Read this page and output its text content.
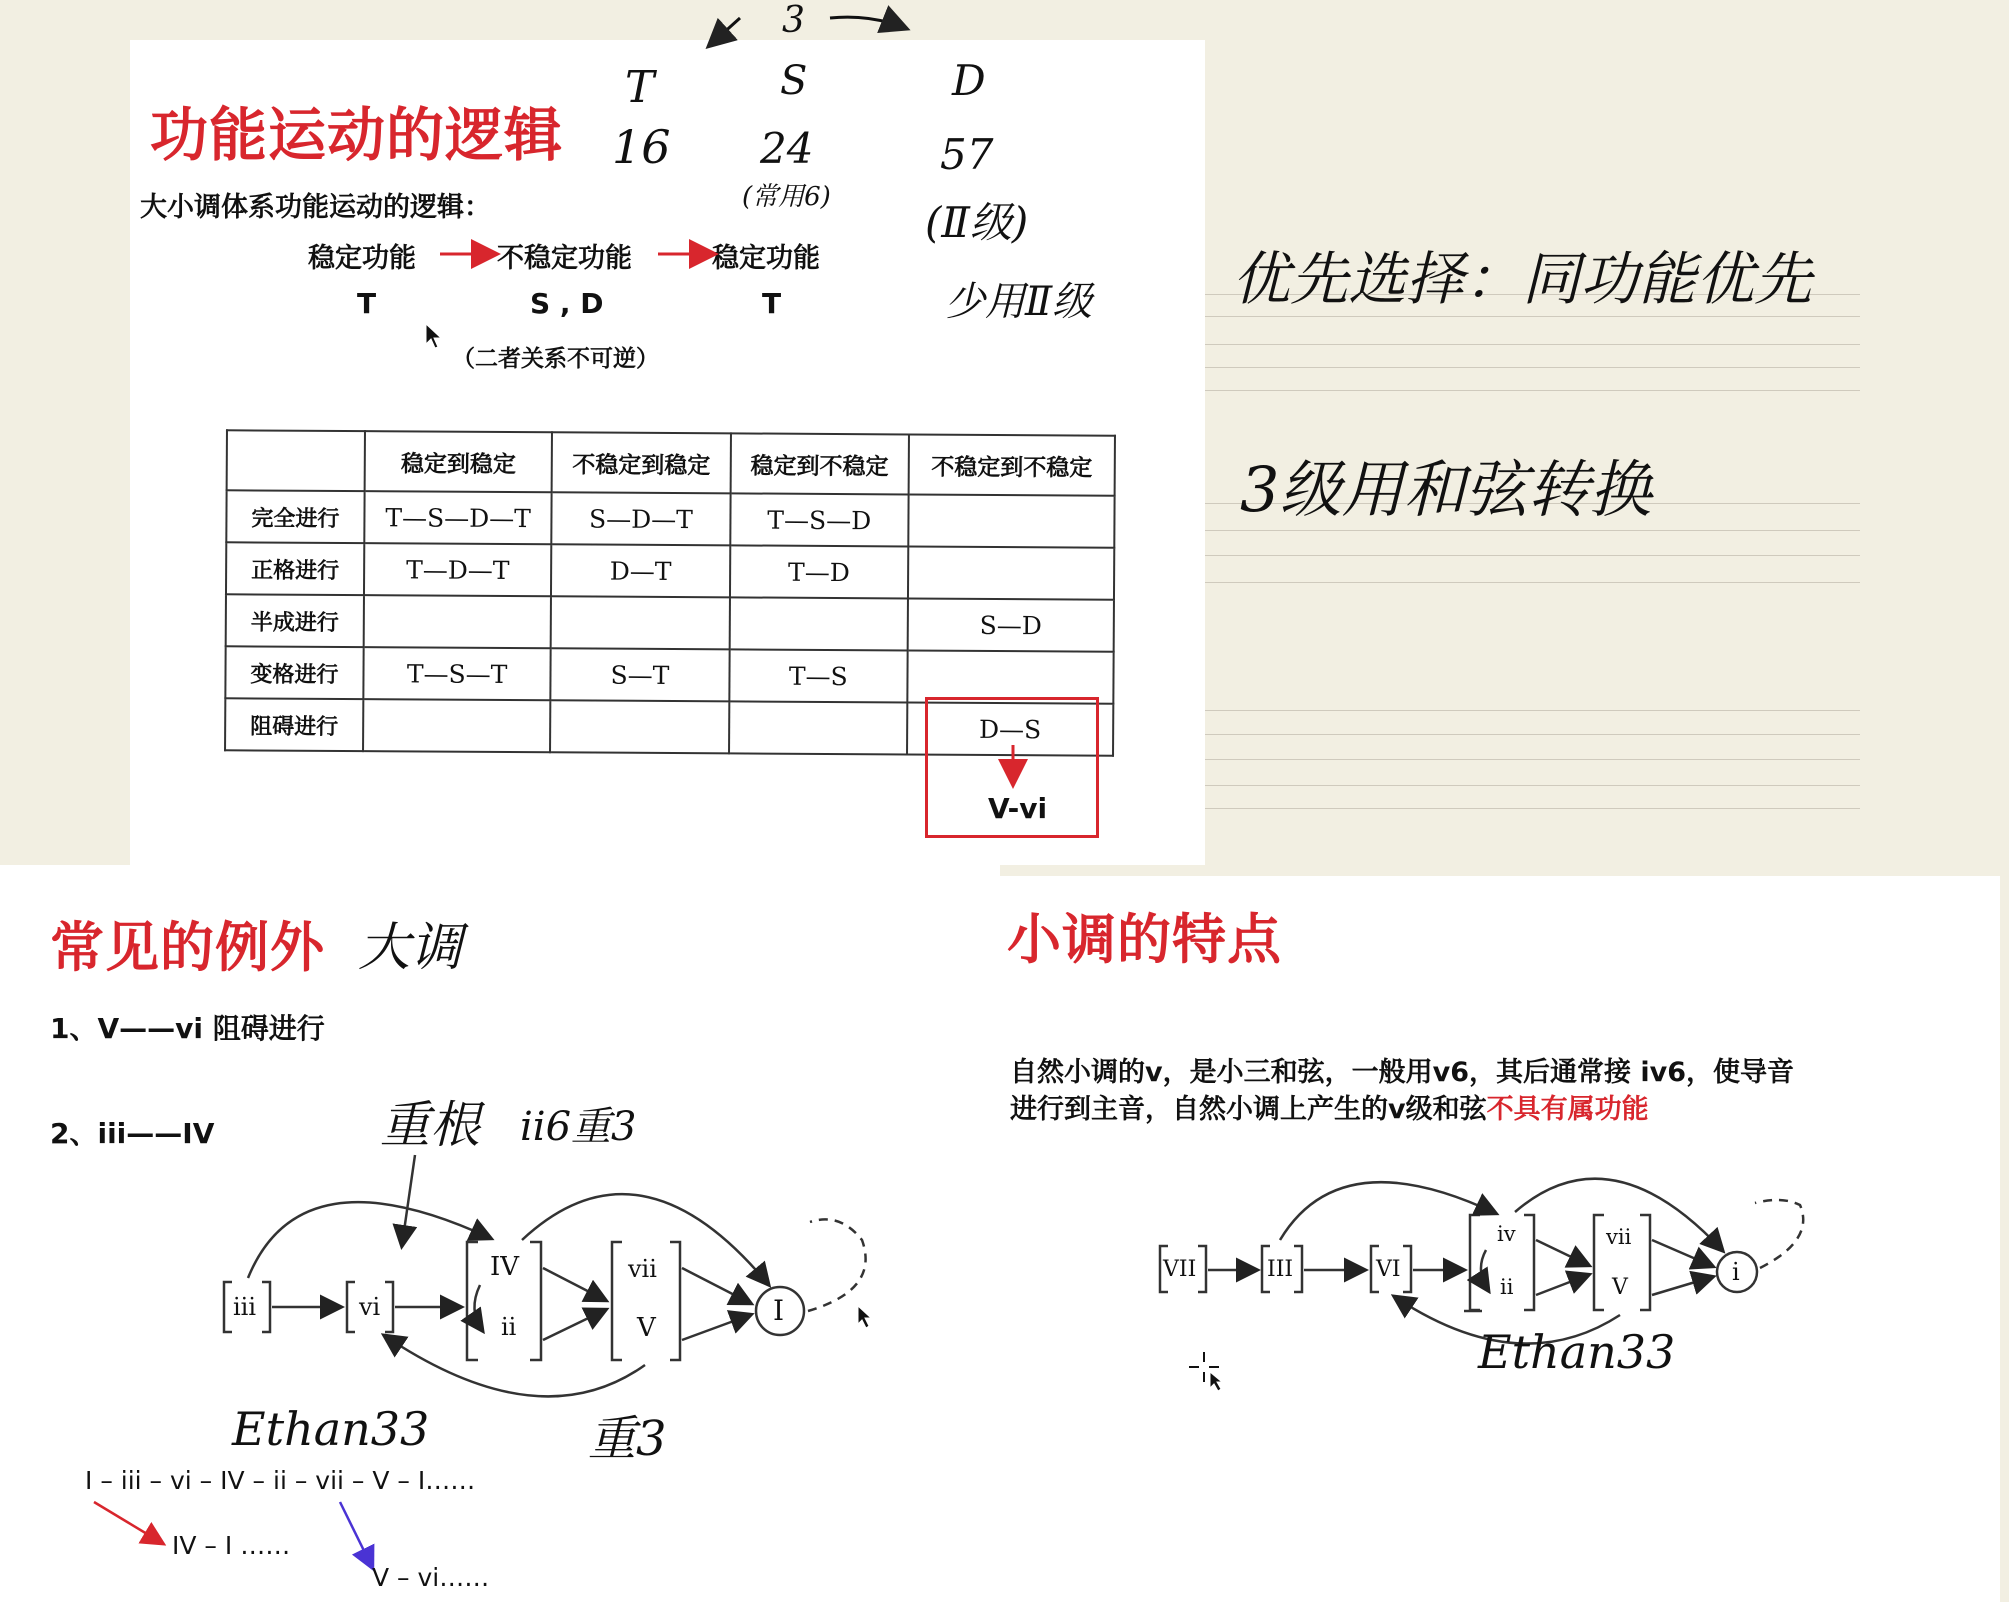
功能运动的逻辑
大小调体系功能运动的逻辑：
稳定功能	不稳定功能	稳定功能
T	S , D	T
（二者关系不可逆）
	稳定到稳定	不稳定到稳定	稳定到不稳定	不稳定到不稳定
完全进行	T—S—D—T	S—D—T	T—S—D	
正格进行	T—D—T	D—T	T—D	
半成进行				S—D
变格进行	T—S—T	S—T	T—S	
阻碍进行				D—S
V-vi
3
T	S	D
16 24	57
(常用6)
(Ⅱ级)
少用Ⅱ级 优先选择：同功能优先
3级用和弦转换
常见的例外 大调
1、V——vi 阻碍进行
2、iii——IV	重根 ii6重3
重3
iii	vi
IV
ii
vii
V
I
Ethan33
I – iii – vi – IV – ii – vii – V – I……
IV – I ……
V – vi……
小调的特点
自然小调的v，是小三和弦，一般用v6，其后通常接 iv6，使导音
进行到主音，自然小调上产生的v级和弦不具有属功能
VII	III	VI
iv
ii
vii
V
i
Ethan33
